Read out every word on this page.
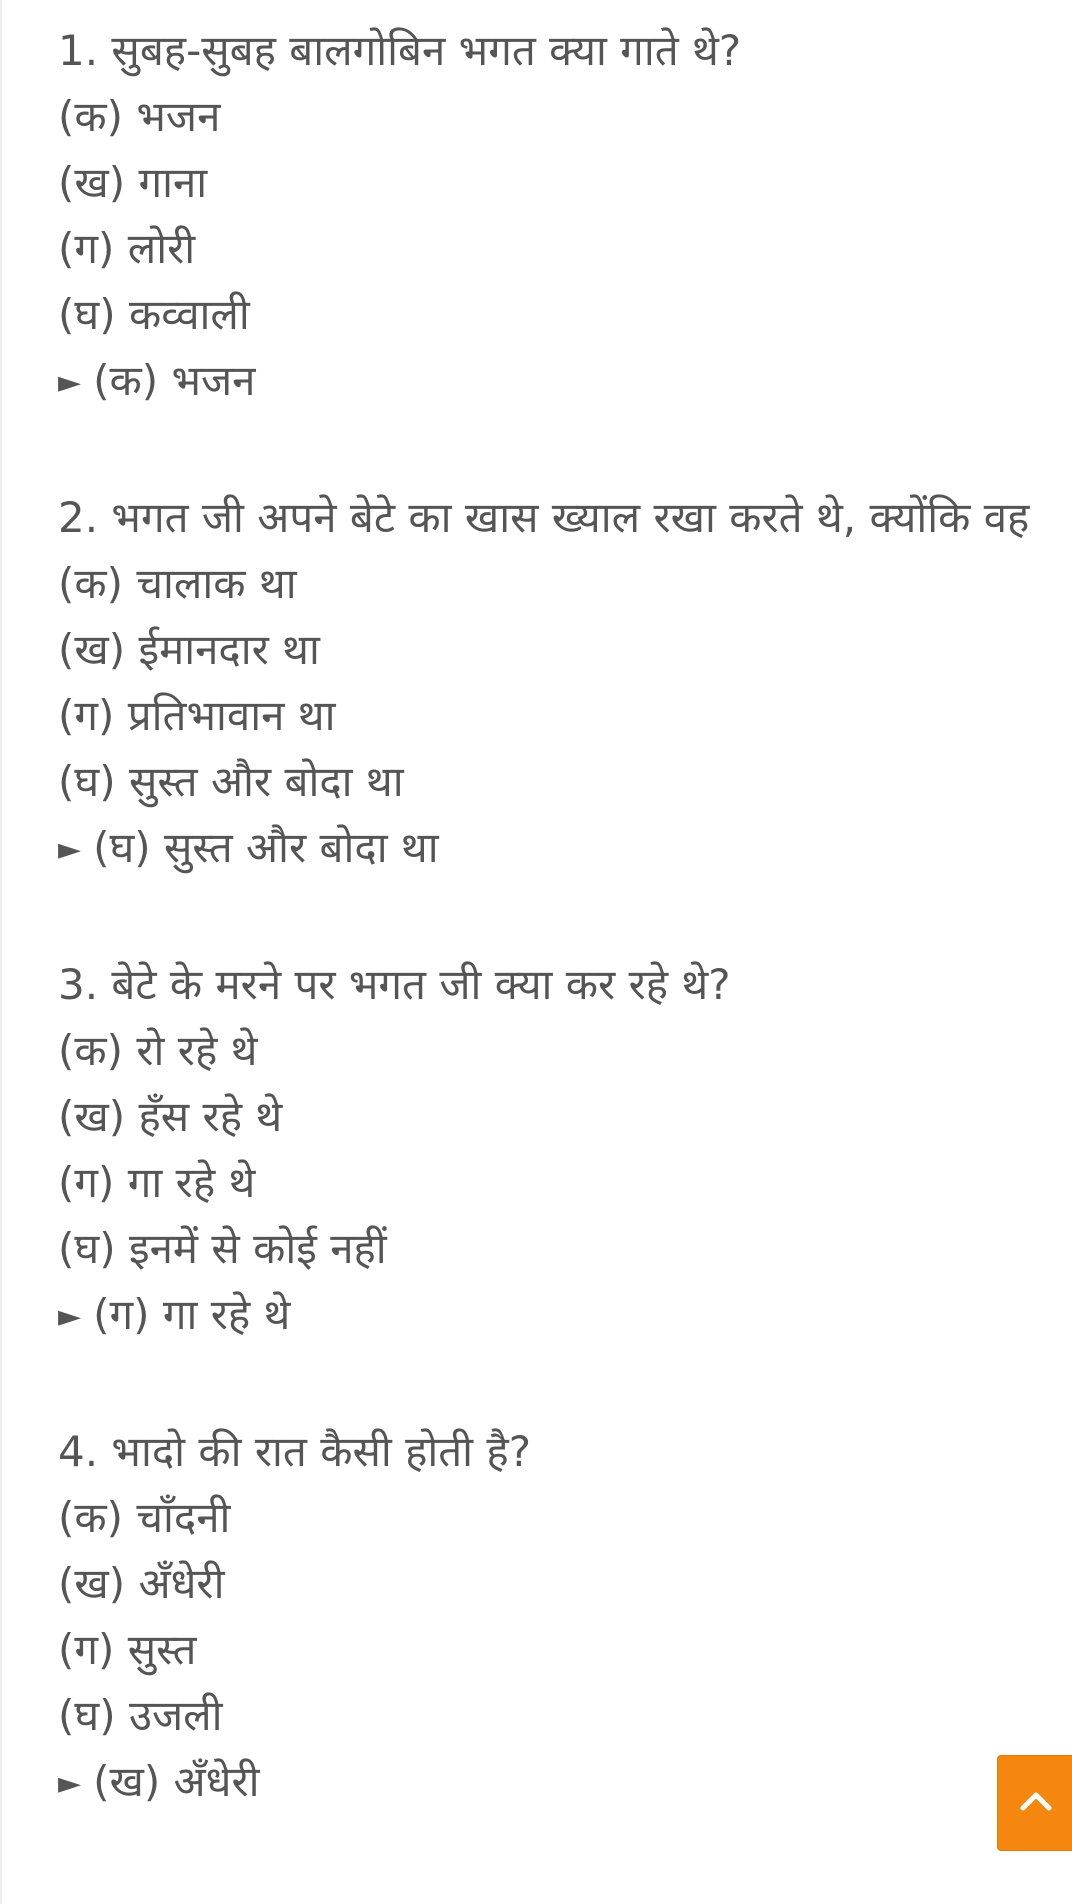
1. सुबह-सुबह बालगोबिन भगत क्या गाते थे?
(क) भजन
(ख) गाना
(ग) लोरी
(घ) कव्वाली
► (क) भजन
2. भगत जी अपने बेटे का खास ख्याल रखा करते थे, क्योंकि वह
(क) चालाक था
(ख) ईमानदार था
(ग) प्रतिभावान था
(घ) सुस्त और बोदा था
► (घ) सुस्त और बोदा था
3. बेटे के मरने पर भगत जी क्या कर रहे थे?
(क) रो रहे थे
(ख) हँस रहे थे
(ग) गा रहे थे
(घ) इनमें से कोई नहीं
► (ग) गा रहे थे
4. भादो की रात कैसी होती है?
(क) चाँदनी
(ख) अँधेरी
(ग) सुस्त
(घ) उजली
► (ख) अँधेरी
